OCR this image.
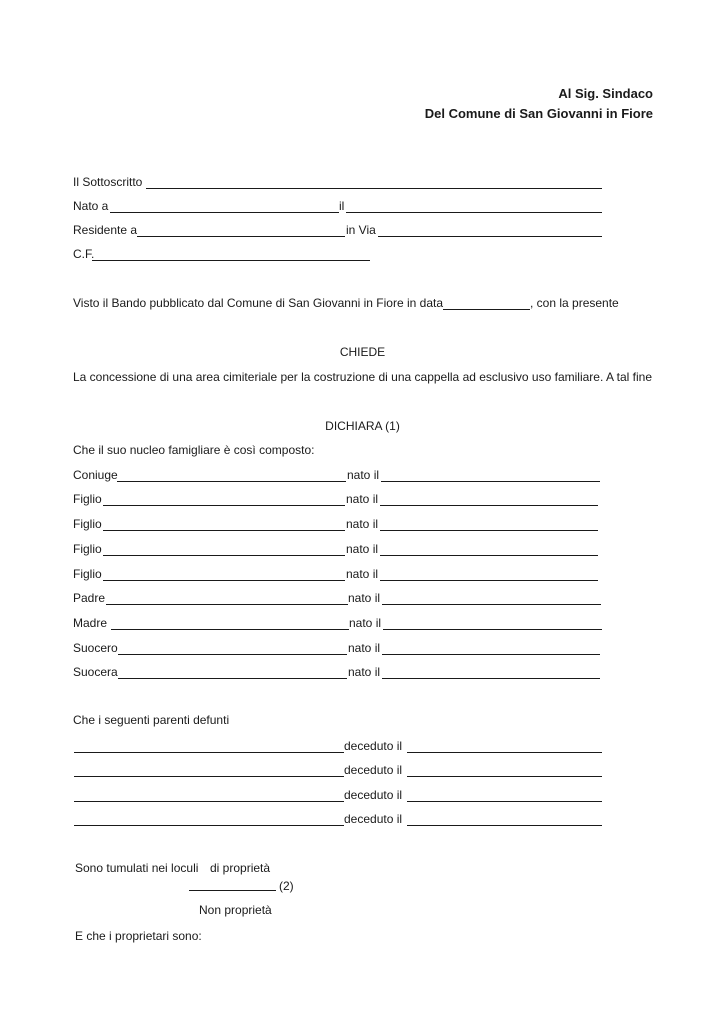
Al Sig. Sindaco
Del Comune di San Giovanni in Fiore
Il Sottoscritto
Nato a	il
Residente a	in Via
C.F.
Visto il Bando pubblicato dal Comune di San Giovanni in Fiore in data	, con la presente
CHIEDE
La concessione di una area cimiteriale per la costruzione di una cappella ad esclusivo uso familiare. A tal fine
DICHIARA (1)
Che il suo nucleo famigliare è così composto:
Coniuge	nato il
Figlio	nato il
Figlio	nato il
Figlio	nato il
Figlio	nato il
Padre	nato il
Madre	nato il
Suocero	nato il
Suocera	nato il
Che i seguenti parenti defunti
deceduto il
deceduto il
deceduto il
deceduto il
Sono tumulati nei loculi di proprietà
(2)
Non proprietà
E che i proprietari sono:
